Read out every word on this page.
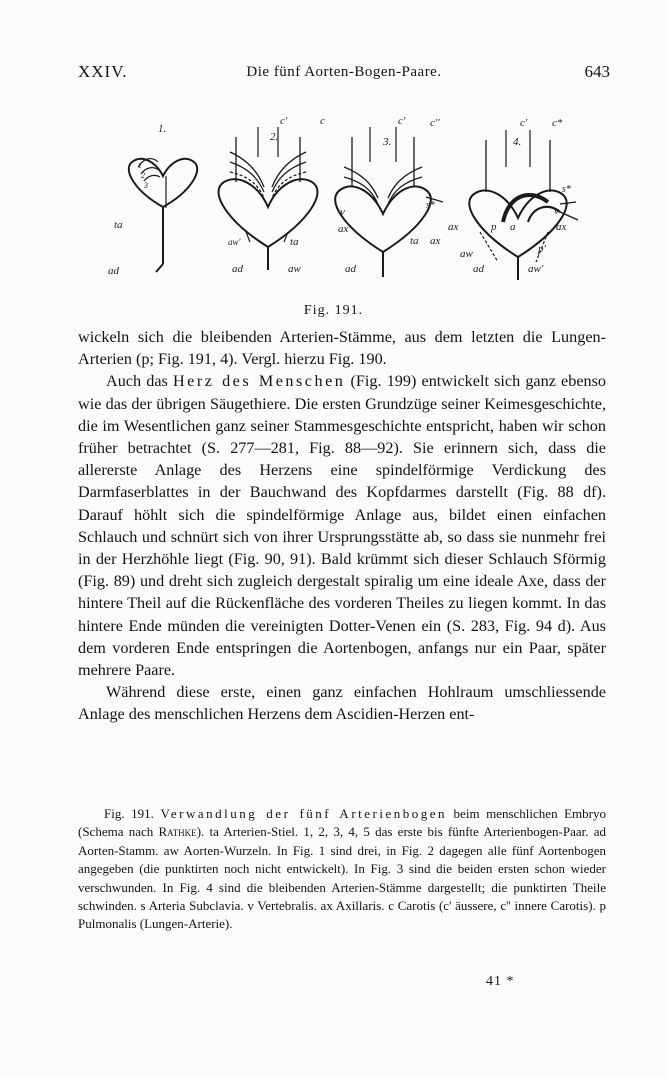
XXIV.	Die fünf Aorten-Bogen-Paare.	643
1.
2.	3.	4.
1
2
3
ta
ad
c'	c
aw'	ta
ad	aw
c' c''
s*
v
ax
ta ax
ad
c' c*
s*
v
ax
ax	p a
aw	p'
ad	aw'
Fig. 191.

wickeln sich die bleibenden Arterien-Stämme, aus dem letzten die Lungen-Arterien (p; Fig. 191, 4). Vergl. hierzu Fig. 190.

Auch das Herz des Menschen (Fig. 199) entwickelt sich ganz ebenso wie das der übrigen Säugethiere. Die ersten Grundzüge seiner Keimesgeschichte, die im Wesentlichen ganz seiner Stammesgeschichte entspricht, haben wir schon früher betrachtet (S. 277—281, Fig. 88—92). Sie erinnern sich, dass die allererste Anlage des Herzens eine spindelförmige Verdickung des Darmfaserblattes in der Bauchwand des Kopfdarmes darstellt (Fig. 88 df). Darauf höhlt sich die spindelförmige Anlage aus, bildet einen einfachen Schlauch und schnürt sich von ihrer Ursprungsstätte ab, so dass sie nunmehr frei in der Herzhöhle liegt (Fig. 90, 91). Bald krümmt sich dieser Schlauch Sförmig (Fig. 89) und dreht sich zugleich dergestalt spiralig um eine ideale Axe, dass der hintere Theil auf die Rückenfläche des vorderen Theiles zu liegen kommt. In das hintere Ende münden die vereinigten Dotter-Venen ein (S. 283, Fig. 94 d). Aus dem vorderen Ende entspringen die Aortenbogen, anfangs nur ein Paar, später mehrere Paare.

Während diese erste, einen ganz einfachen Hohlraum umschliessende Anlage des menschlichen Herzens dem Ascidien-Herzen ent-

Fig. 191. Verwandlung der fünf Arterienbogen beim menschlichen Embryo (Schema nach Rathke). ta Arterien-Stiel. 1, 2, 3, 4, 5 das erste bis fünfte Arterienbogen-Paar. ad Aorten-Stamm. aw Aorten-Wurzeln. In Fig. 1 sind drei, in Fig. 2 dagegen alle fünf Aortenbogen angegeben (die punktirten noch nicht entwickelt). In Fig. 3 sind die beiden ersten schon wieder verschwunden. In Fig. 4 sind die bleibenden Arterien-Stämme dargestellt; die punktirten Theile schwinden. s Arteria Subclavia. v Vertebralis. ax Axillaris. c Carotis (c' äussere, c'' innere Carotis). p Pulmonalis (Lungen-Arterie).

41 *
